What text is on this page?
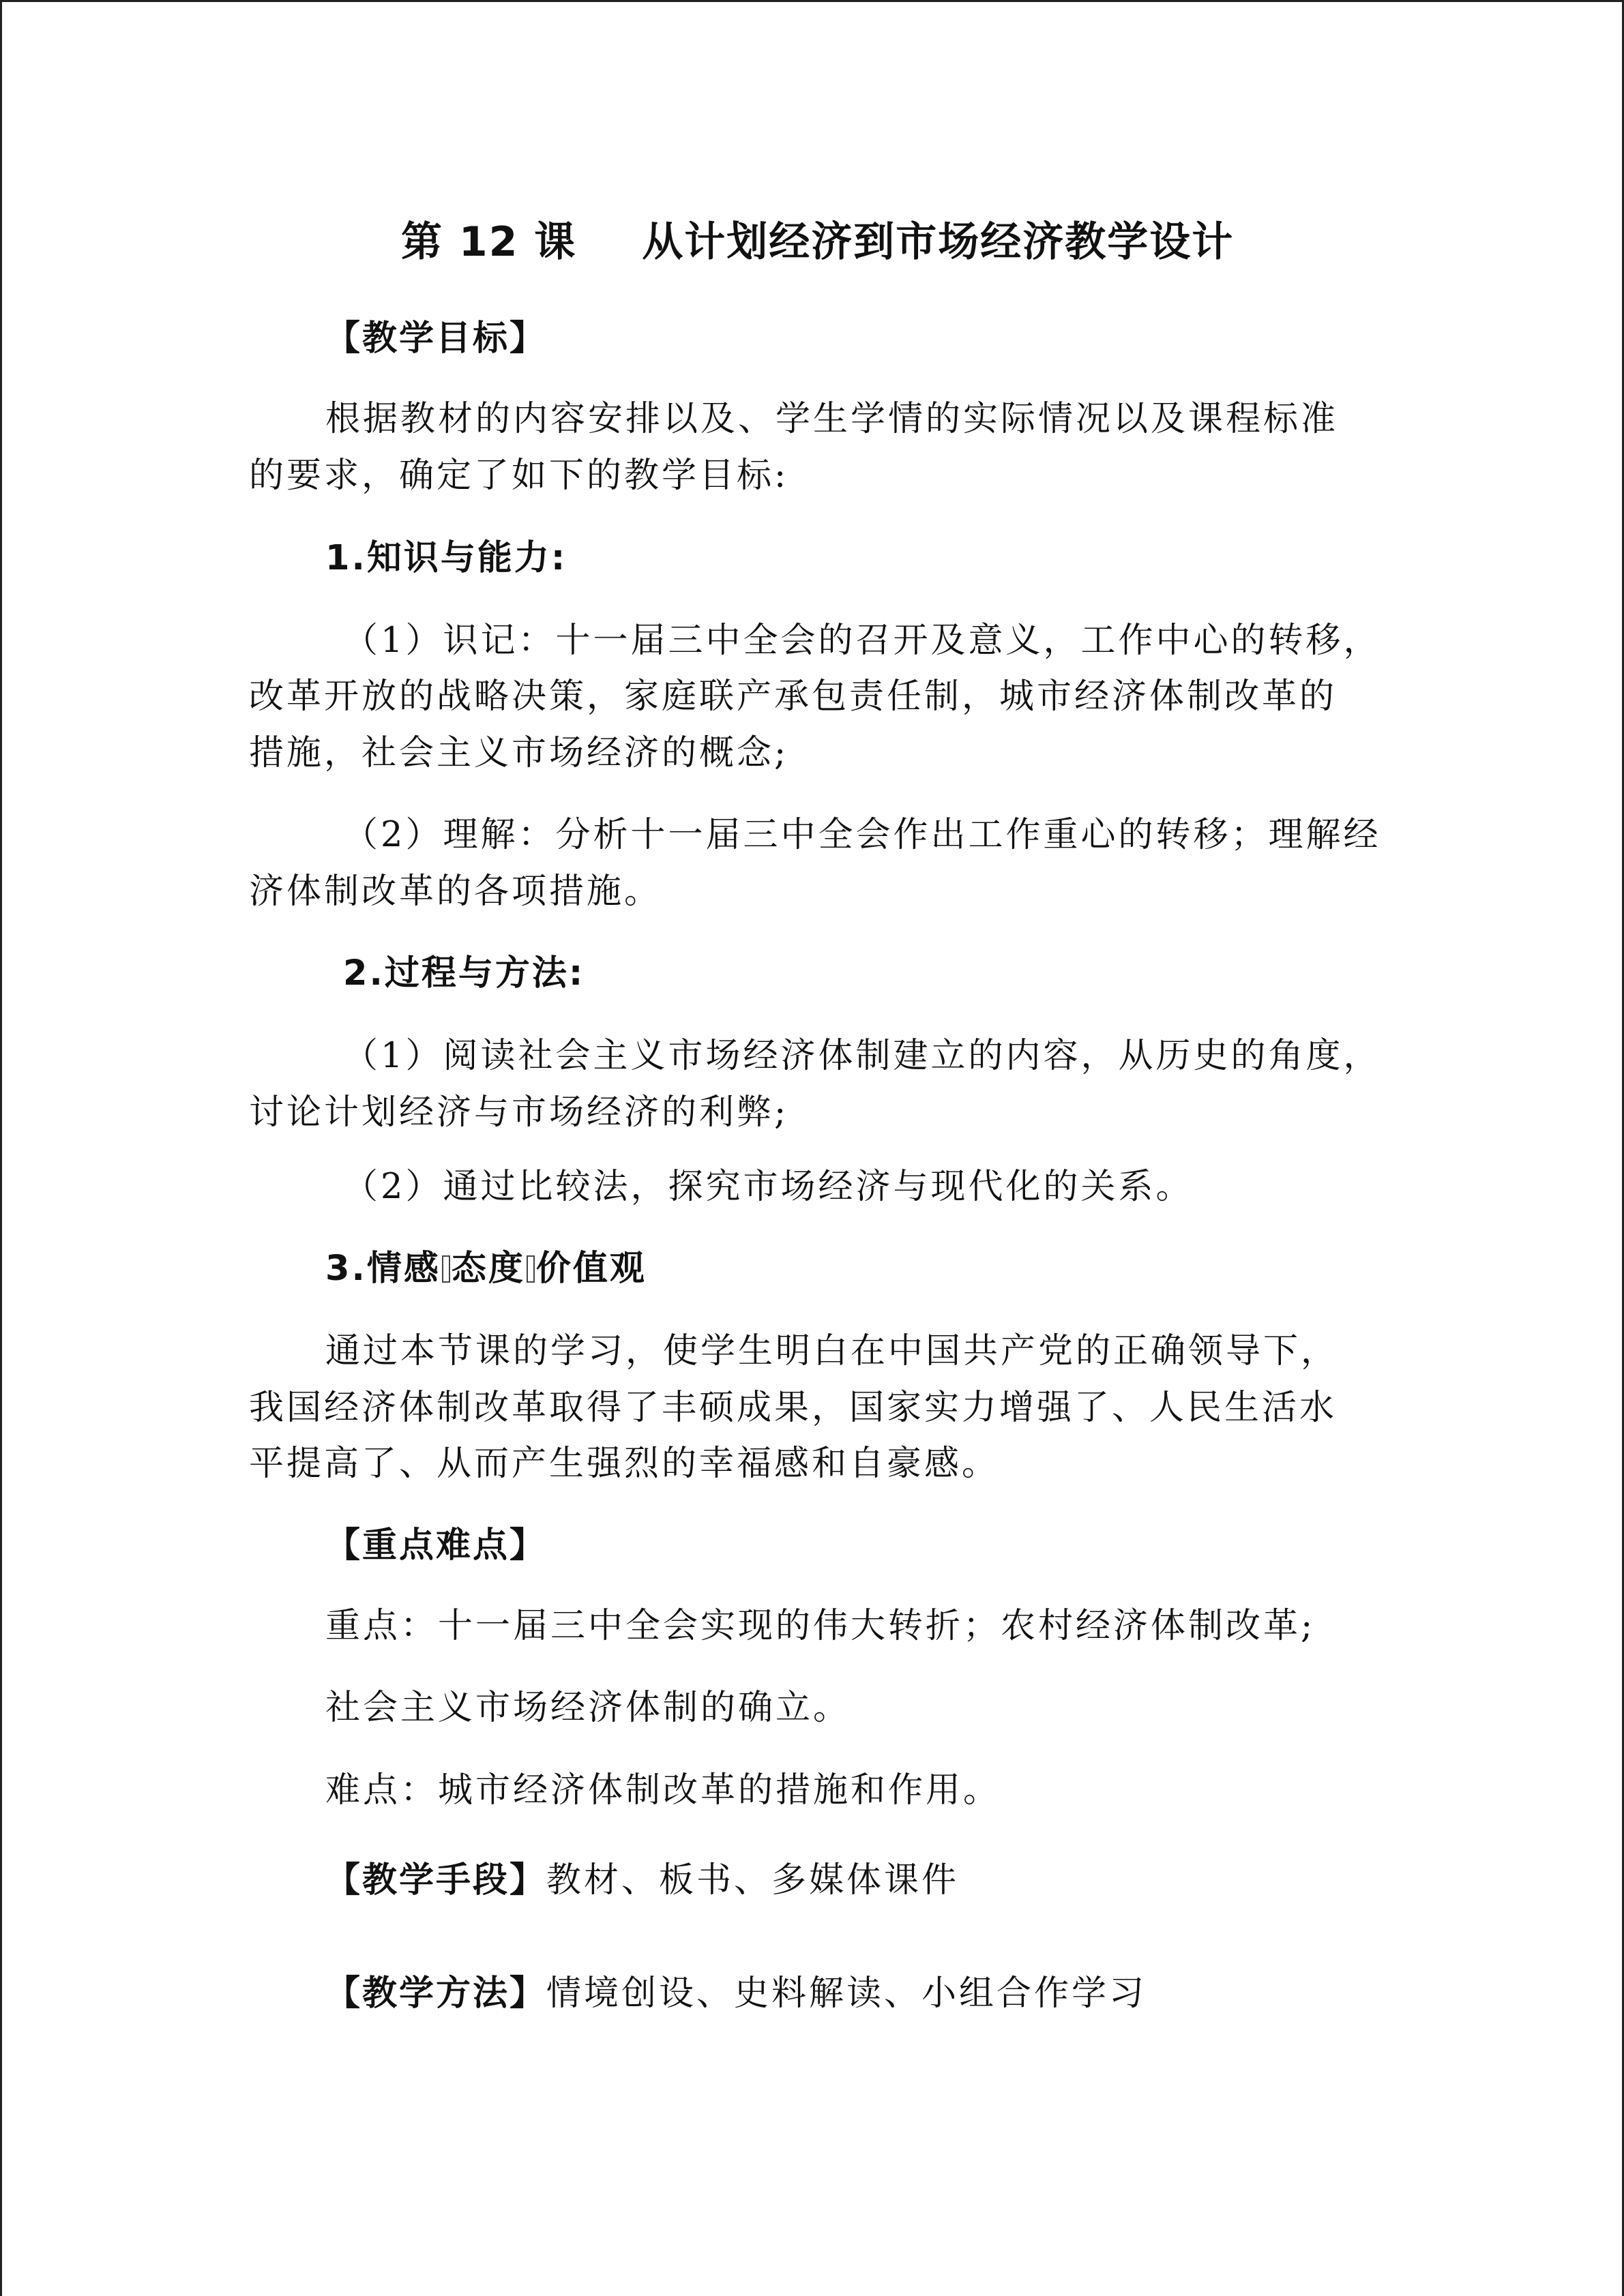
第 12 课 从计划经济到市场经济教学设计
【教学目标】
根据教材的内容安排以及、学生学情的实际情况以及课程标准
的要求，确定了如下的教学目标:
1.知识与能力:
（1）识记：十一届三中全会的召开及意义，工作中心的转移，
改革开放的战略决策，家庭联产承包责任制，城市经济体制改革的
措施，社会主义市场经济的概念;
（2）理解：分析十一届三中全会作出工作重心的转移；理解经
济体制改革的各项措施。
2.过程与方法:
（1）阅读社会主义市场经济体制建立的内容，从历史的角度，
讨论计划经济与市场经济的利弊;
（2）通过比较法，探究市场经济与现代化的关系。
3.情感 态度 价值观
通过本节课的学习，使学生明白在中国共产党的正确领导下，
我国经济体制改革取得了丰硕成果，国家实力增强了、人民生活水
平提高了、从而产生强烈的幸福感和自豪感。
【重点难点】
重点：十一届三中全会实现的伟大转折；农村经济体制改革;
社会主义市场经济体制的确立。
难点：城市经济体制改革的措施和作用。
【教学手段】教材、板书、多媒体课件
【教学方法】情境创设、史料解读、小组合作学习
